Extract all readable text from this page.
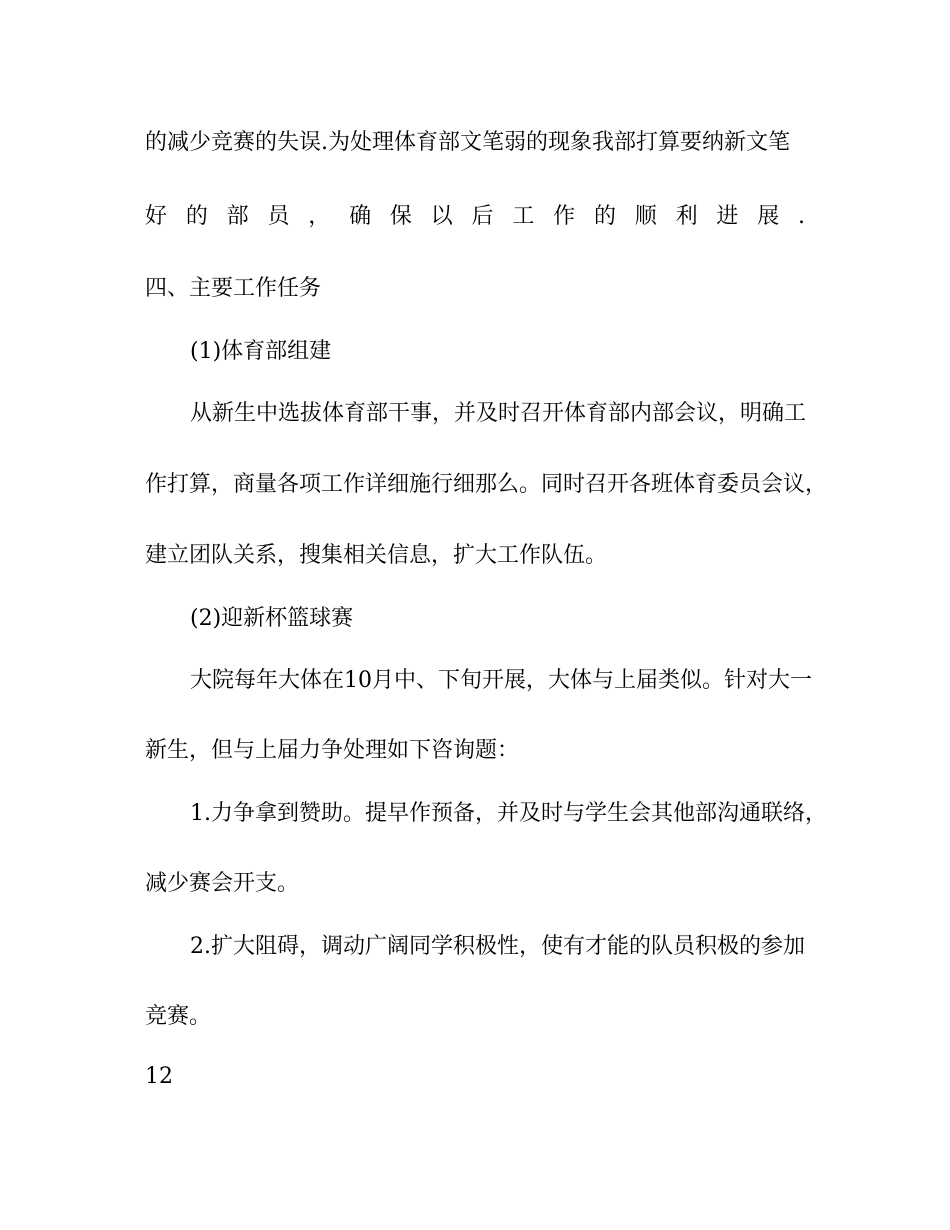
的减少竞赛的失误.为处理体育部文笔弱的现象我部打算要纳新文笔
好 的 部 员 ， 确 保 以 后 工 作 的 顺 利 进 展 .
四、主要工作任务
(1)体育部组建
从新生中选拔体育部干事，并及时召开体育部内部会议，明确工
作打算，商量各项工作详细施行细那么。同时召开各班体育委员会议，
建立团队关系，搜集相关信息，扩大工作队伍。
(2)迎新杯篮球赛
大院每年大体在10月中、下旬开展，大体与上届类似。针对大一
新生，但与上届力争处理如下咨询题：
1.力争拿到赞助。提早作预备，并及时与学生会其他部沟通联络，
减少赛会开支。
2.扩大阻碍，调动广阔同学积极性，使有才能的队员积极的参加
竞赛。
12
